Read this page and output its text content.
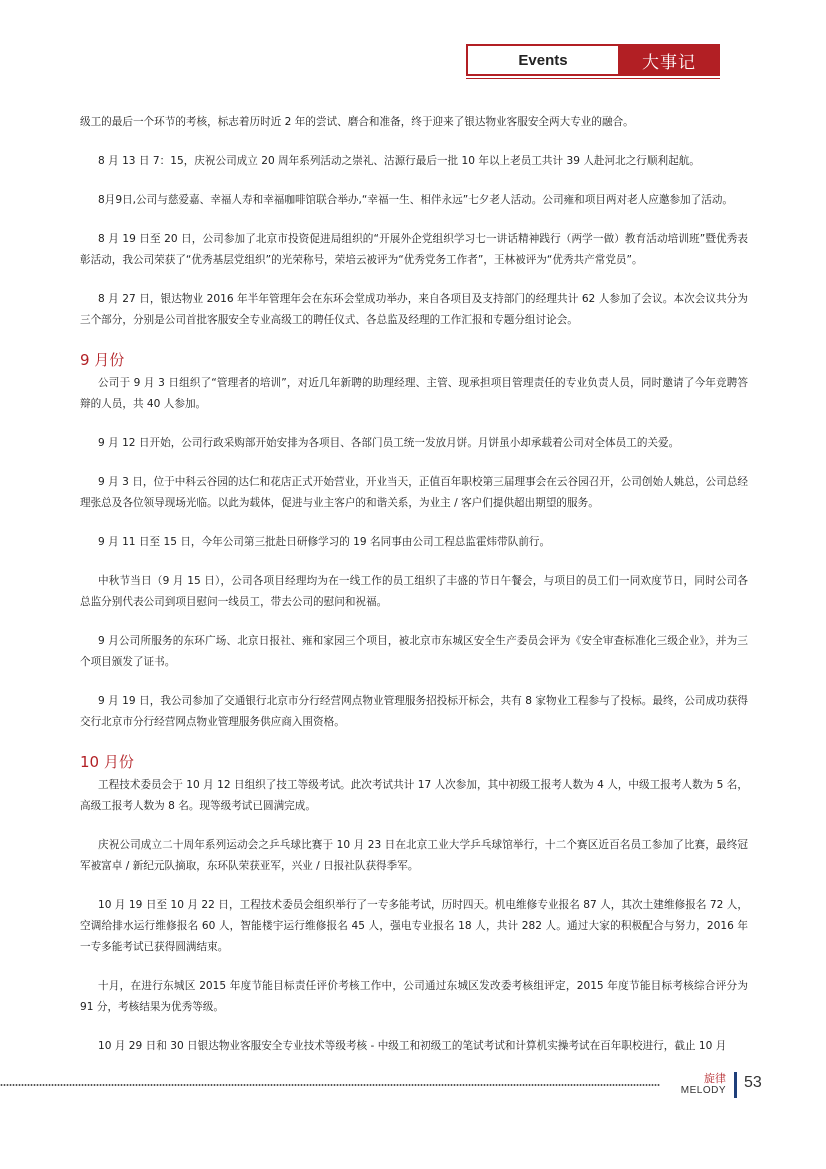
Events	大事记

级工的最后一个环节的考核，标志着历时近 2 年的尝试、磨合和准备，终于迎来了银达物业客服安全两大专业的融合。

8 月 13 日 7：15，庆祝公司成立 20 周年系列活动之崇礼、沽源行最后一批 10 年以上老员工共计 39 人赴河北之行顺利起航。

8月9日,公司与慈爱嘉、幸福人寿和幸福咖啡馆联合举办,“幸福一生、相伴永远”七夕老人活动。公司雍和项目两对老人应邀参加了活动。

8 月 19 日至 20 日，公司参加了北京市投资促进局组织的“开展外企党组织学习七一讲话精神践行（两学一做）教育活动培训班”暨优秀表彰活动，我公司荣获了“优秀基层党组织”的光荣称号，荣培云被评为“优秀党务工作者”，王林被评为“优秀共产常党员”。

8 月 27 日，银达物业 2016 年半年管理年会在东环会堂成功举办，来自各项目及支持部门的经理共计 62 人参加了会议。本次会议共分为三个部分，分别是公司首批客服安全专业高级工的聘任仪式、各总监及经理的工作汇报和专题分组讨论会。

9 月份

公司于 9 月 3 日组织了“管理者的培训”，对近几年新聘的助理经理、主管、现承担项目管理责任的专业负责人员，同时邀请了今年竞聘答辩的人员，共 40 人参加。

9 月 12 日开始，公司行政采购部开始安排为各项目、各部门员工统一发放月饼。月饼虽小却承载着公司对全体员工的关爱。

9 月 3 日，位于中科云谷园的达仁和花店正式开始营业，开业当天，正值百年职校第三届理事会在云谷园召开，公司创始人姚总，公司总经理张总及各位领导现场光临。以此为载体，促进与业主客户的和谐关系，为业主 / 客户们提供超出期望的服务。

9 月 11 日至 15 日，今年公司第三批赴日研修学习的 19 名同事由公司工程总监霍炜带队前行。

中秋节当日（9 月 15 日），公司各项目经理均为在一线工作的员工组织了丰盛的节日午餐会，与项目的员工们一同欢度节日，同时公司各总监分别代表公司到项目慰问一线员工，带去公司的慰问和祝福。

9 月公司所服务的东环广场、北京日报社、雍和家园三个项目，被北京市东城区安全生产委员会评为《安全审查标准化三级企业》，并为三个项目颁发了证书。

9 月 19 日，我公司参加了交通银行北京市分行经营网点物业管理服务招投标开标会，共有 8 家物业工程参与了投标。最终，公司成功获得交行北京市分行经营网点物业管理服务供应商入围资格。

10 月份

工程技术委员会于 10 月 12 日组织了技工等级考试。此次考试共计 17 人次参加，其中初级工报考人数为 4 人，中级工报考人数为 5 名，高级工报考人数为 8 名。现等级考试已圆满完成。

庆祝公司成立二十周年系列运动会之乒乓球比赛于 10 月 23 日在北京工业大学乒乓球馆举行，十二个赛区近百名员工参加了比赛，最终冠军被富卓 / 新纪元队摘取，东环队荣获亚军，兴业 / 日报社队获得季军。

10 月 19 日至 10 月 22 日，工程技术委员会组织举行了一专多能考试，历时四天。机电维修专业报名 87 人，其次土建维修报名 72 人，空调给排水运行维修报名 60 人，智能楼宇运行维修报名 45 人，强电专业报名 18 人，共计 282 人。通过大家的积极配合与努力，2016 年一专多能考试已获得圆满结束。

十月，在进行东城区 2015 年度节能目标责任评价考核工作中，公司通过东城区发改委考核组评定，2015 年度节能目标考核综合评分为 91 分，考核结果为优秀等级。

10 月 29 日和 30 日银达物业客服安全专业技术等级考核 - 中级工和初级工的笔试考试和计算机实操考试在百年职校进行，截止 10 月

旋律
MELODY 53
